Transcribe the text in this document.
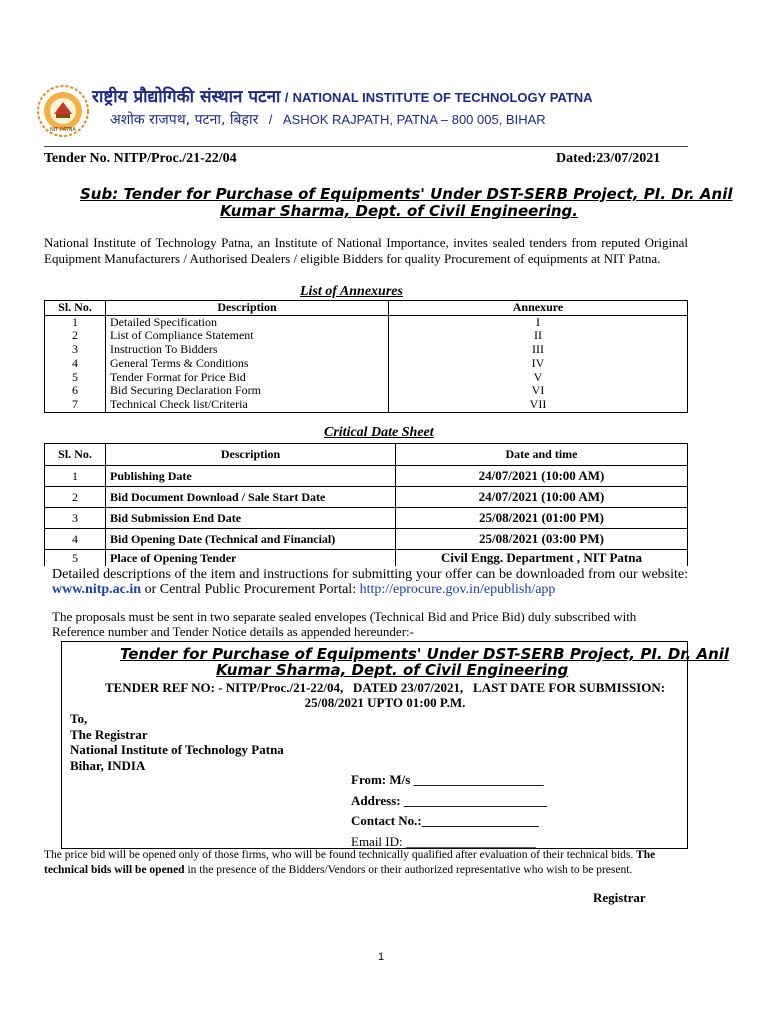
NIT PATNA
राष्ट्रीय प्रौद्योगिकी संस्थान पटना / NATIONAL INSTITUTE OF TECHNOLOGY PATNA
अशोक राजपथ, पटना, बिहार / ASHOK RAJPATH, PATNA – 800 005, BIHAR
Tender No. NITP/Proc./21-22/04	Dated:23/07/2021
Sub: Tender for Purchase of Equipments' Under DST-SERB Project, PI. Dr. Anil
Kumar Sharma, Dept. of Civil Engineering.
National Institute of Technology Patna, an Institute of National Importance, invites sealed tenders from reputed Original Equipment Manufacturers / Authorised Dealers / eligible Bidders for quality Procurement of equipments at NIT Patna.
List of Annexures
Sl. No.	Description	Annexure
1	Detailed Specification	I
2	List of Compliance Statement	II
3	Instruction To Bidders	III
4	General Terms & Conditions	IV
5	Tender Format for Price Bid	V
6	Bid Securing Declaration Form	VI
7	Technical Check list/Criteria	VII
Critical Date Sheet
Sl. No.	Description	Date and time
1	Publishing Date	24/07/2021 (10:00 AM)
2	Bid Document Download / Sale Start Date	24/07/2021 (10:00 AM)
3	Bid Submission End Date	25/08/2021 (01:00 PM)
4	Bid Opening Date (Technical and Financial)	25/08/2021 (03:00 PM)
5	Place of Opening Tender	Civil Engg. Department , NIT Patna
Detailed descriptions of the item and instructions for submitting your offer can be downloaded from our website: www.nitp.ac.in or Central Public Procurement Portal: http://eprocure.gov.in/epublish/app
The proposals must be sent in two separate sealed envelopes (Technical Bid and Price Bid) duly subscribed with Reference number and Tender Notice details as appended hereunder:-
Tender for Purchase of Equipments' Under DST-SERB Project, PI. Dr. Anil
Kumar Sharma, Dept. of Civil Engineering
TENDER REF NO: - NITP/Proc./21-22/04,   DATED 23/07/2021,   LAST DATE FOR SUBMISSION:
25/08/2021 UPTO 01:00 P.M.
To,
The Registrar
National Institute of Technology Patna
Bihar, INDIA
From: M/s ____________________
Address: ______________________
Contact No.:__________________
Email ID: ____________________
The price bid will be opened only of those firms, who will be found technically qualified after evaluation of their technical bids. The technical bids will be opened in the presence of the Bidders/Vendors or their authorized representative who wish to be present.
Registrar
1
